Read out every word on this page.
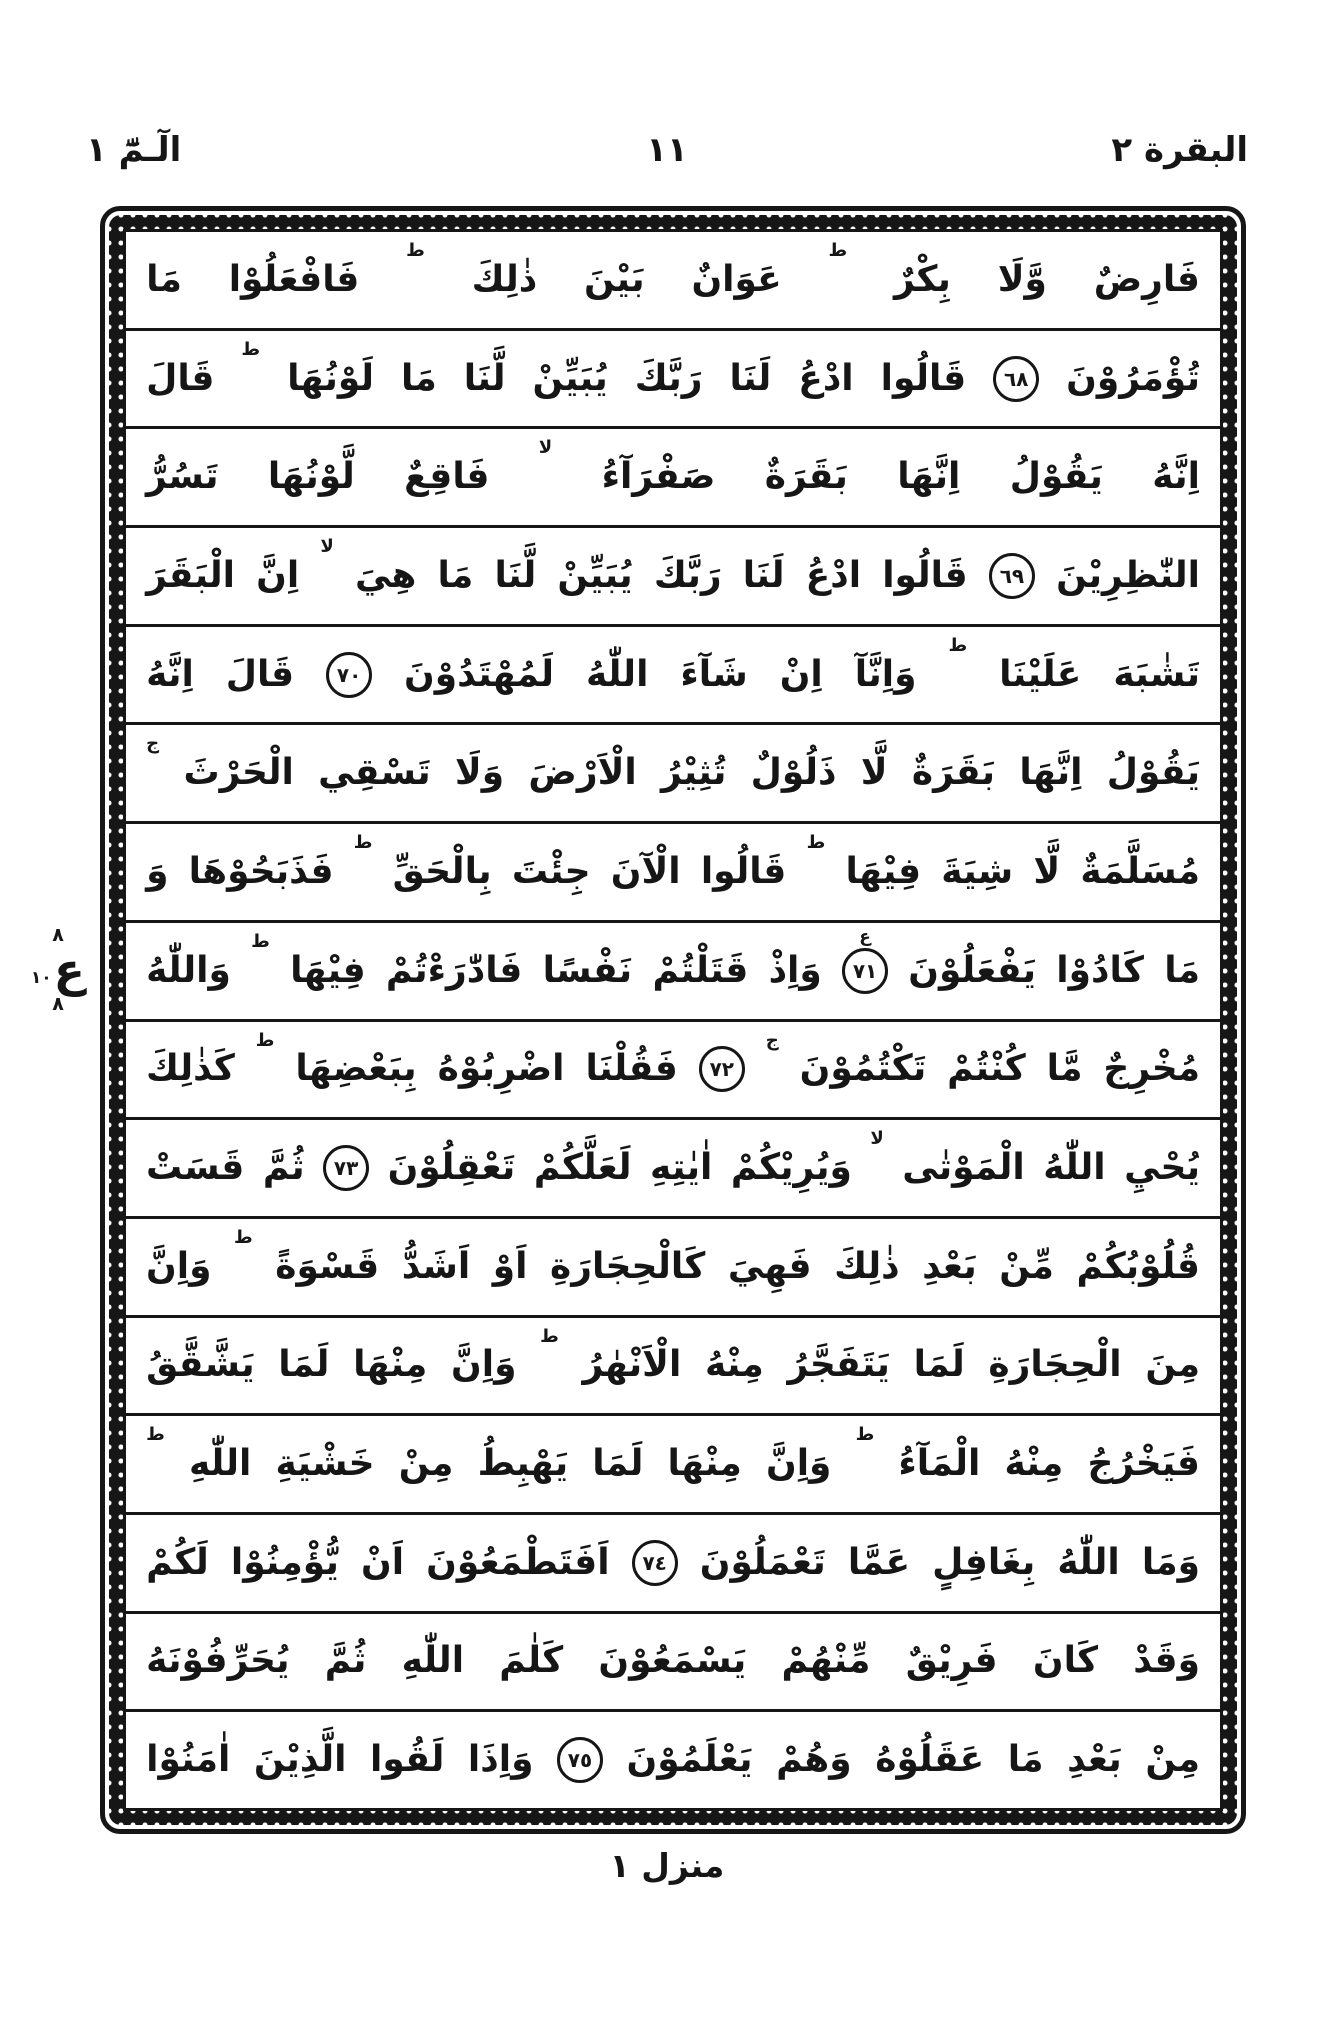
البقرة ٢
١١
الٓـمّٓ ١
٨
ع
١٠
٨
فَارِضٌ
وَّلَا
بِكْرٌ
ط
عَوَانٌ
بَيْنَ
ذٰلِكَ
ط
فَافْعَلُوْا
مَا
تُؤْمَرُوْنَ
٦٨
قَالُوا
ادْعُ
لَنَا
رَبَّكَ
يُبَيِّنْ
لَّنَا
مَا
لَوْنُهَا
ط
قَالَ
اِنَّهُ
يَقُوْلُ
اِنَّهَا
بَقَرَةٌ
صَفْرَآءُ
لا
فَاقِعٌ
لَّوْنُهَا
تَسُرُّ
النّٰظِرِيْنَ
٦٩
قَالُوا
ادْعُ
لَنَا
رَبَّكَ
يُبَيِّنْ
لَّنَا
مَا
هِيَ
لا
اِنَّ
الْبَقَرَ
تَشٰبَهَ
عَلَيْنَا
ط
وَاِنَّآ
اِنْ
شَآءَ
اللّٰهُ
لَمُهْتَدُوْنَ
٧٠
قَالَ
اِنَّهُ
يَقُوْلُ
اِنَّهَا
بَقَرَةٌ
لَّا
ذَلُوْلٌ
تُثِيْرُ
الْاَرْضَ
وَلَا
تَسْقِي
الْحَرْثَ
ج
مُسَلَّمَةٌ
لَّا
شِيَةَ
فِيْهَا
ط
قَالُوا
الْآنَ
جِئْتَ
بِالْحَقِّ
ط
فَذَبَحُوْهَا
وَ
مَا
كَادُوْا
يَفْعَلُوْنَ
٧١
ع
وَاِذْ
قَتَلْتُمْ
نَفْسًا
فَادّٰرَءْتُمْ
فِيْهَا
ط
وَاللّٰهُ
مُخْرِجٌ
مَّا
كُنْتُمْ
تَكْتُمُوْنَ
ج
٧٢
فَقُلْنَا
اضْرِبُوْهُ
بِبَعْضِهَا
ط
كَذٰلِكَ
يُحْيِ
اللّٰهُ
الْمَوْتٰى
لا
وَيُرِيْكُمْ
اٰيٰتِهِ
لَعَلَّكُمْ
تَعْقِلُوْنَ
٧٣
ثُمَّ
قَسَتْ
قُلُوْبُكُمْ
مِّنْ
بَعْدِ
ذٰلِكَ
فَهِيَ
كَالْحِجَارَةِ
اَوْ
اَشَدُّ
قَسْوَةً
ط
وَاِنَّ
مِنَ
الْحِجَارَةِ
لَمَا
يَتَفَجَّرُ
مِنْهُ
الْاَنْهٰرُ
ط
وَاِنَّ
مِنْهَا
لَمَا
يَشَّقَّقُ
فَيَخْرُجُ
مِنْهُ
الْمَآءُ
ط
وَاِنَّ
مِنْهَا
لَمَا
يَهْبِطُ
مِنْ
خَشْيَةِ
اللّٰهِ
ط
وَمَا
اللّٰهُ
بِغَافِلٍ
عَمَّا
تَعْمَلُوْنَ
٧٤
اَفَتَطْمَعُوْنَ
اَنْ
يُّؤْمِنُوْا
لَكُمْ
وَقَدْ
كَانَ
فَرِيْقٌ
مِّنْهُمْ
يَسْمَعُوْنَ
كَلٰمَ
اللّٰهِ
ثُمَّ
يُحَرِّفُوْنَهُ
مِنْ
بَعْدِ
مَا
عَقَلُوْهُ
وَهُمْ
يَعْلَمُوْنَ
٧٥
وَاِذَا
لَقُوا
الَّذِيْنَ
اٰمَنُوْا
منزل ١
